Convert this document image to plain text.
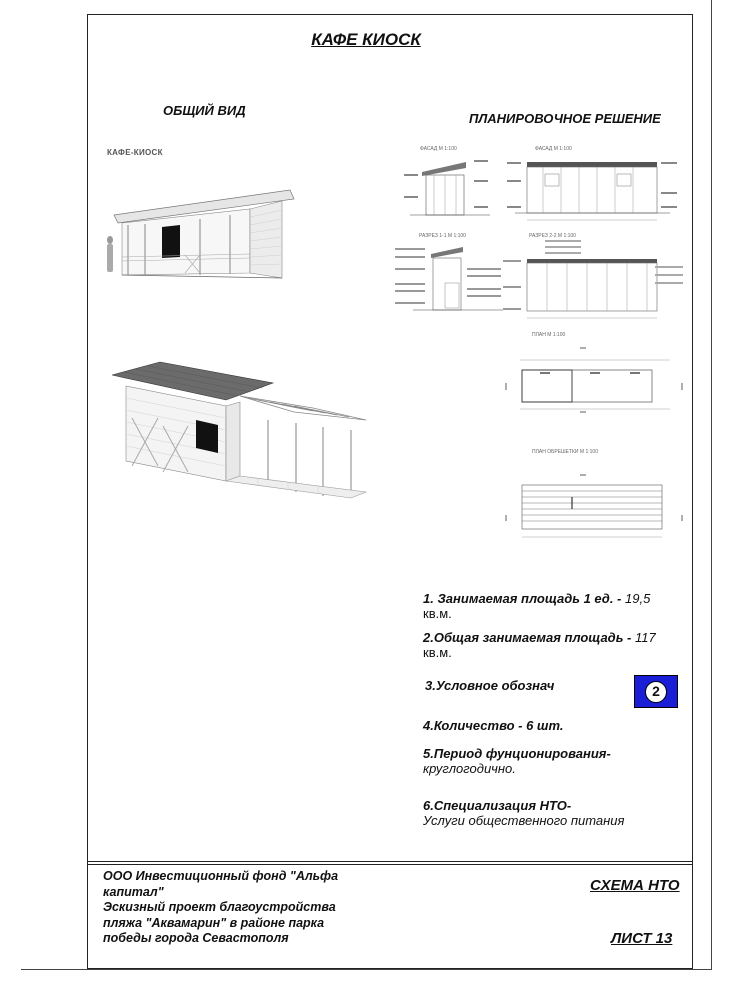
КАФЕ КИОСК
ОБЩИЙ ВИД
ПЛАНИРОВОЧНОЕ РЕШЕНИЕ
КАФЕ-КИОСК	ФАСАД М 1:100	ФАСАД М 1:100
РАЗРЕЗ 1-1 М 1:100	РАЗРЕЗ 2-2 М 1:100
ПЛАН М 1:100
ПЛАН ОБРЕШЕТКИ М 1:100
1. Занимаемая площадь 1 ед. - 19,5
кв.м.
2.Общая занимаемая площадь - 117
кв.м.
3.Условное обознач	2
4.Количество - 6 шт.
5.Период фунционирования-
круглогодично.
6.Специализация НТО-
Услуги общественного питания
ООО Инвестиционный фонд "Альфа
капитал"
Эскизный проект благоустройства
пляжа "Аквамарин" в районе парка
победы города Севастополя
СХЕМА НТО
ЛИСТ 13
